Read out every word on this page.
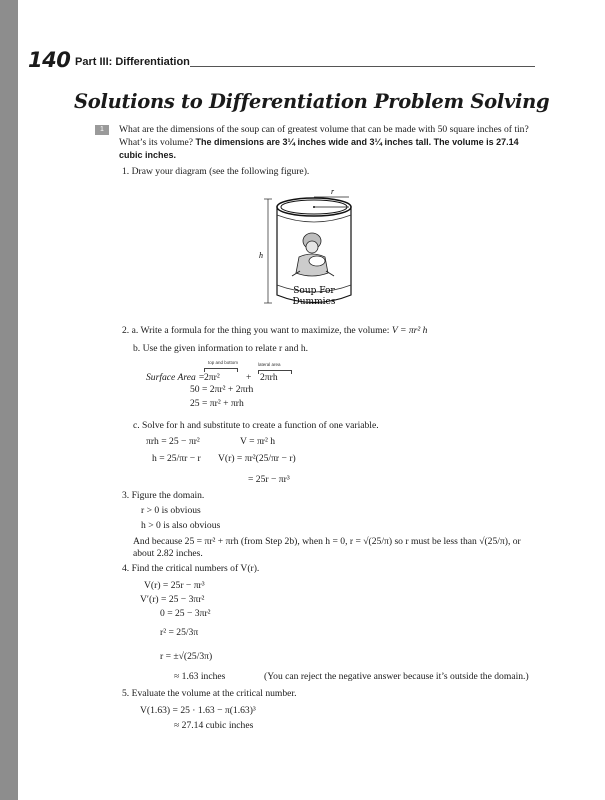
140 Part III: Differentiation
Solutions to Differentiation Problem Solving
1	What are the dimensions of the soup can of greatest volume that can be made with 50 square inches of tin? What’s its volume? The dimensions are 3¼ inches wide and 3¼ inches tall. The volume is 27.14 cubic inches.
1. Draw your diagram (see the following figure).
r
h
Soup For
Dummies
2. a. Write a formula for the thing you want to maximize, the volume: V = πr² h
b. Use the given information to relate r and h.
top and bottom	lateral area
Surface Area = 2πr²	+ 2πrh
50 = 2πr² + 2πrh
25 = πr² + πrh
c. Solve for h and substitute to create a function of one variable.
πrh = 25 − πr²	V = πr² h
h = 25/πr − r V(r) = πr²(25/πr − r)
= 25r − πr³
3. Figure the domain.
r > 0 is obvious
h > 0 is also obvious
And because 25 = πr² + πrh (from Step 2b), when h = 0, r = √(25/π) so r must be less than √(25/π), or
about 2.82 inches.
4. Find the critical numbers of V(r).
V(r) = 25r − πr³
V′(r) = 25 − 3πr²
0 = 25 − 3πr²
r² = 25/3π
r = ±√(25/3π)
≈ 1.63 inches	(You can reject the negative answer because it’s outside the domain.)
5. Evaluate the volume at the critical number.
V(1.63) = 25 · 1.63 − π(1.63)³
≈ 27.14 cubic inches
